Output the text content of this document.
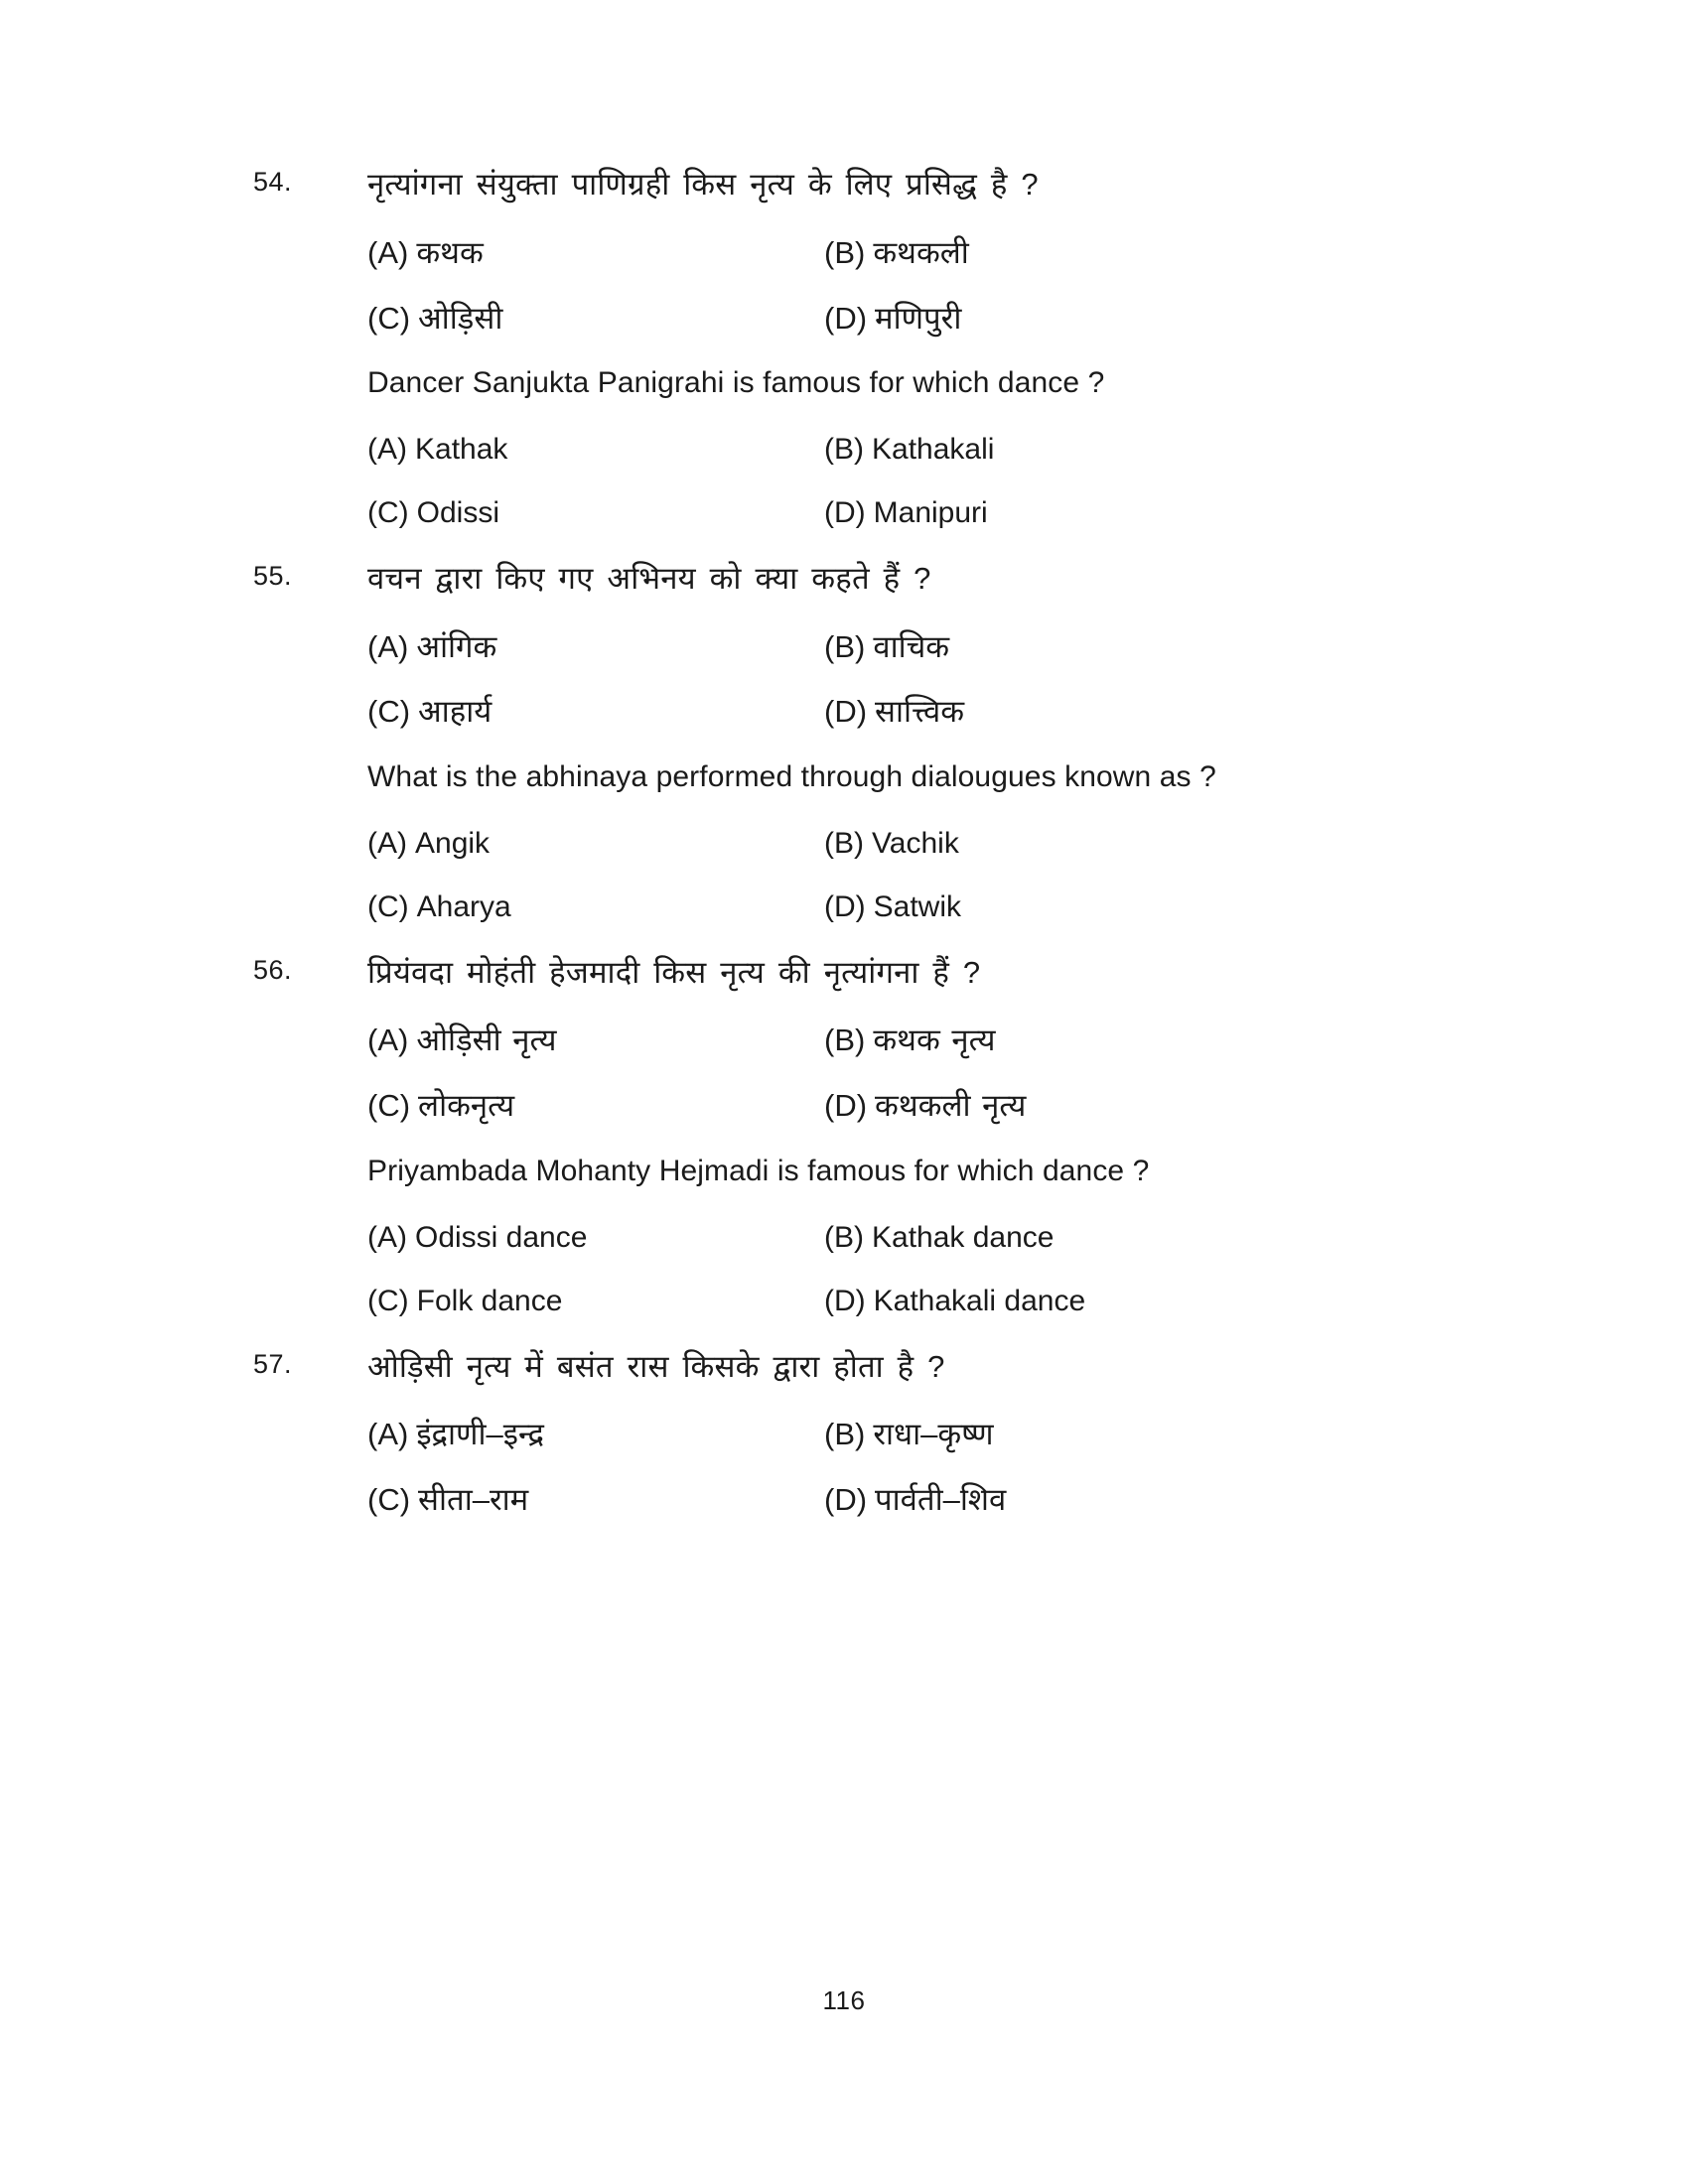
54.	नृत्यांगना संयुक्ता पाणिग्रही किस नृत्य के लिए प्रसिद्ध है ?
(A) कथक	(B) कथकली
(C) ओड़िसी	(D) मणिपुरी
Dancer Sanjukta Panigrahi is famous for which dance ?
(A) Kathak	(B) Kathakali
(C) Odissi	(D) Manipuri
55.	वचन द्वारा किए गए अभिनय को क्या कहते हैं ?
(A) आंगिक	(B) वाचिक
(C) आहार्य	(D) सात्त्विक
What is the abhinaya performed through dialougues known as ?
(A) Angik	(B) Vachik
(C) Aharya	(D) Satwik
56.	प्रियंवदा मोहंती हेजमादी किस नृत्य की नृत्यांगना हैं ?
(A) ओड़िसी नृत्य	(B) कथक नृत्य
(C) लोकनृत्य	(D) कथकली नृत्य
Priyambada Mohanty Hejmadi is famous for which dance ?
(A) Odissi dance	(B) Kathak dance
(C) Folk dance	(D) Kathakali dance
57.	ओड़िसी नृत्य में बसंत रास किसके द्वारा होता है ?
(A) इंद्राणी–इन्द्र	(B) राधा–कृष्ण
(C) सीता–राम	(D) पार्वती–शिव
116
